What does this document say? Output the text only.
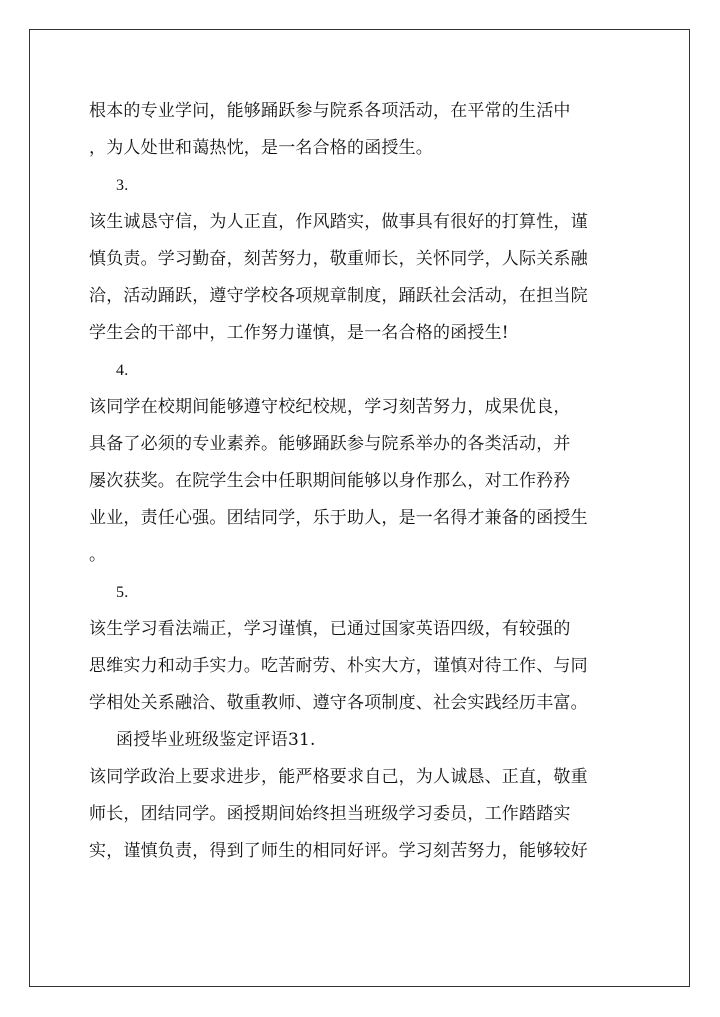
根本的专业学问，能够踊跃参与院系各项活动，在平常的生活中
，为人处世和蔼热忱，是一名合格的函授生。
3.
该生诚恳守信，为人正直，作风踏实，做事具有很好的打算性，谨
慎负责。学习勤奋，刻苦努力，敬重师长，关怀同学，人际关系融
洽，活动踊跃，遵守学校各项规章制度，踊跃社会活动，在担当院
学生会的干部中，工作努力谨慎，是一名合格的函授生!
4.
该同学在校期间能够遵守校纪校规，学习刻苦努力，成果优良，
具备了必须的专业素养。能够踊跃参与院系举办的各类活动，并
屡次获奖。在院学生会中任职期间能够以身作那么，对工作矜矜
业业，责任心强。团结同学，乐于助人，是一名得才兼备的函授生
。
5.
该生学习看法端正，学习谨慎，已通过国家英语四级，有较强的
思维实力和动手实力。吃苦耐劳、朴实大方，谨慎对待工作、与同
学相处关系融洽、敬重教师、遵守各项制度、社会实践经历丰富。
函授毕业班级鉴定评语31.
该同学政治上要求进步，能严格要求自己，为人诚恳、正直，敬重
师长，团结同学。函授期间始终担当班级学习委员，工作踏踏实
实，谨慎负责，得到了师生的相同好评。学习刻苦努力，能够较好
